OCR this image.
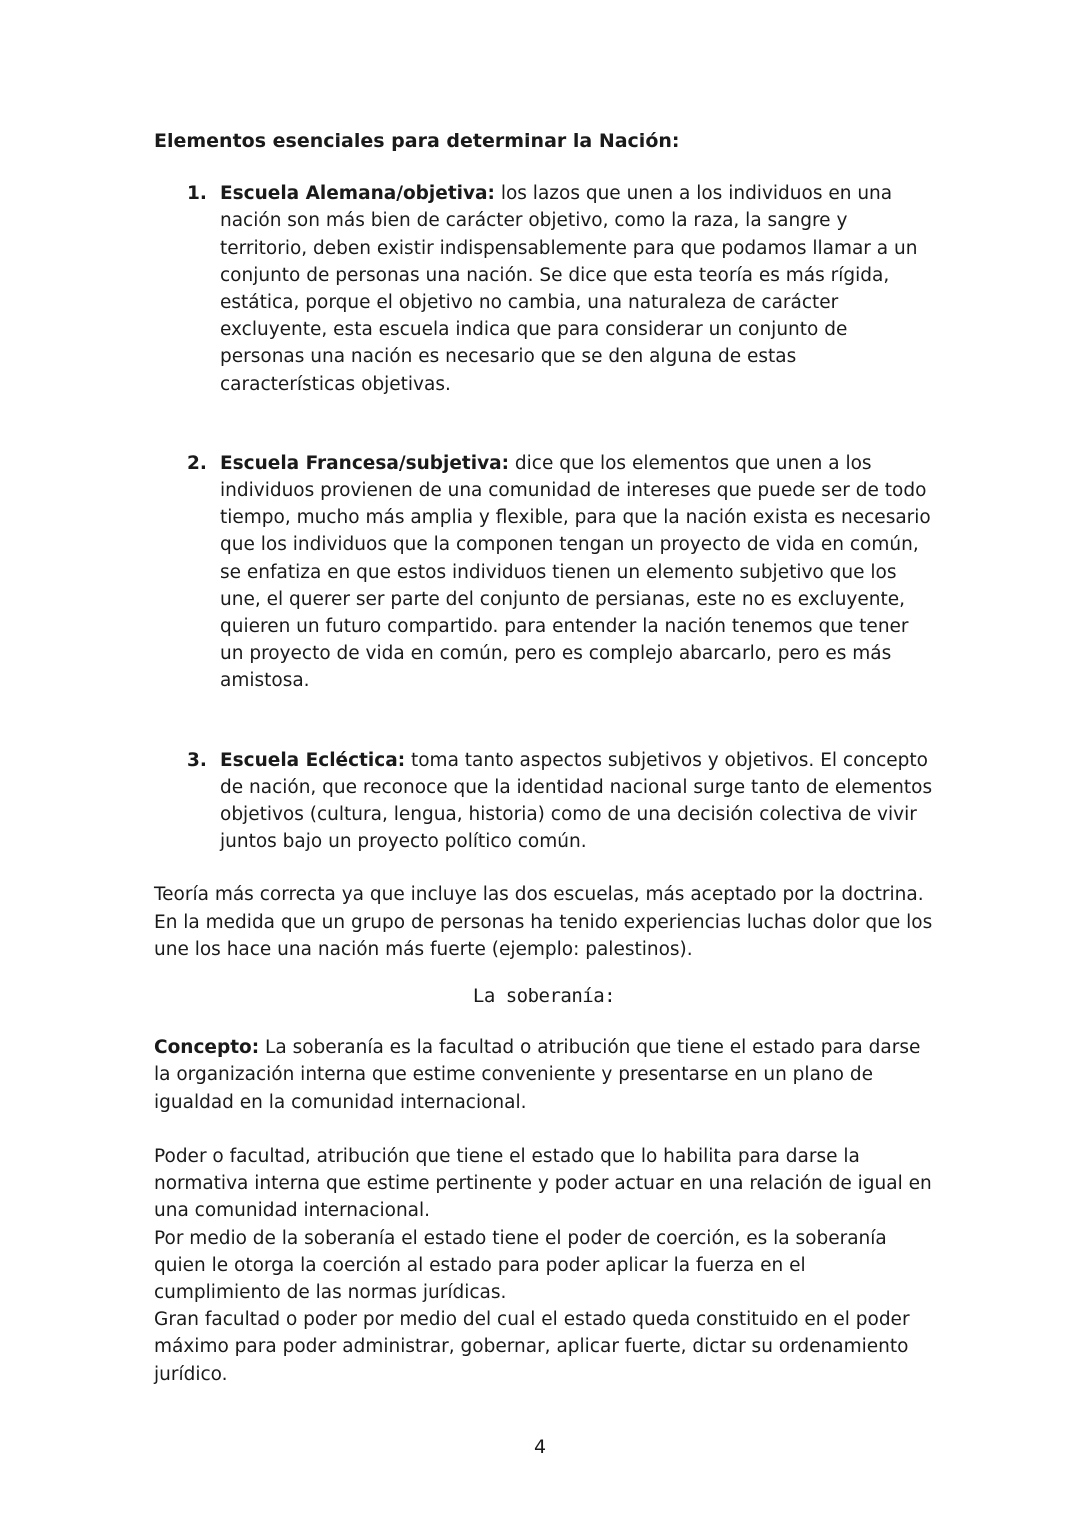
Elementos esenciales para determinar la Nación:

1. Escuela Alemana/objetiva: los lazos que unen a los individuos en una nación son más bien de carácter objetivo, como la raza, la sangre y territorio, deben existir indispensablemente para que podamos llamar a un conjunto de personas una nación. Se dice que esta teoría es más rígida, estática, porque el objetivo no cambia, una naturaleza de carácter excluyente, esta escuela indica que para considerar un conjunto de personas una nación es necesario que se den alguna de estas características objetivas.
2. Escuela Francesa/subjetiva: dice que los elementos que unen a los individuos provienen de una comunidad de intereses que puede ser de todo tiempo, mucho más amplia y flexible, para que la nación exista es necesario que los individuos que la componen tengan un proyecto de vida en común, se enfatiza en que estos individuos tienen un elemento subjetivo que los une, el querer ser parte del conjunto de persianas, este no es excluyente, quieren un futuro compartido. para entender la nación tenemos que tener un proyecto de vida en común, pero es complejo abarcarlo, pero es más amistosa.
3. Escuela Ecléctica: toma tanto aspectos subjetivos y objetivos. El concepto de nación, que reconoce que la identidad nacional surge tanto de elementos objetivos (cultura, lengua, historia) como de una decisión colectiva de vivir juntos bajo un proyecto político común.

Teoría más correcta ya que incluye las dos escuelas, más aceptado por la doctrina.

En la medida que un grupo de personas ha tenido experiencias luchas dolor que los une los hace una nación más fuerte (ejemplo: palestinos).

La soberanía:

Concepto: La soberanía es la facultad o atribución que tiene el estado para darse la organización interna que estime conveniente y presentarse en un plano de igualdad en la comunidad internacional.

Poder o facultad, atribución que tiene el estado que lo habilita para darse la normativa interna que estime pertinente y poder actuar en una relación de igual en una comunidad internacional.

Por medio de la soberanía el estado tiene el poder de coerción, es la soberanía quien le otorga la coerción al estado para poder aplicar la fuerza en el cumplimiento de las normas jurídicas.

Gran facultad o poder por medio del cual el estado queda constituido en el poder máximo para poder administrar, gobernar, aplicar fuerte, dictar su ordenamiento jurídico.

4
